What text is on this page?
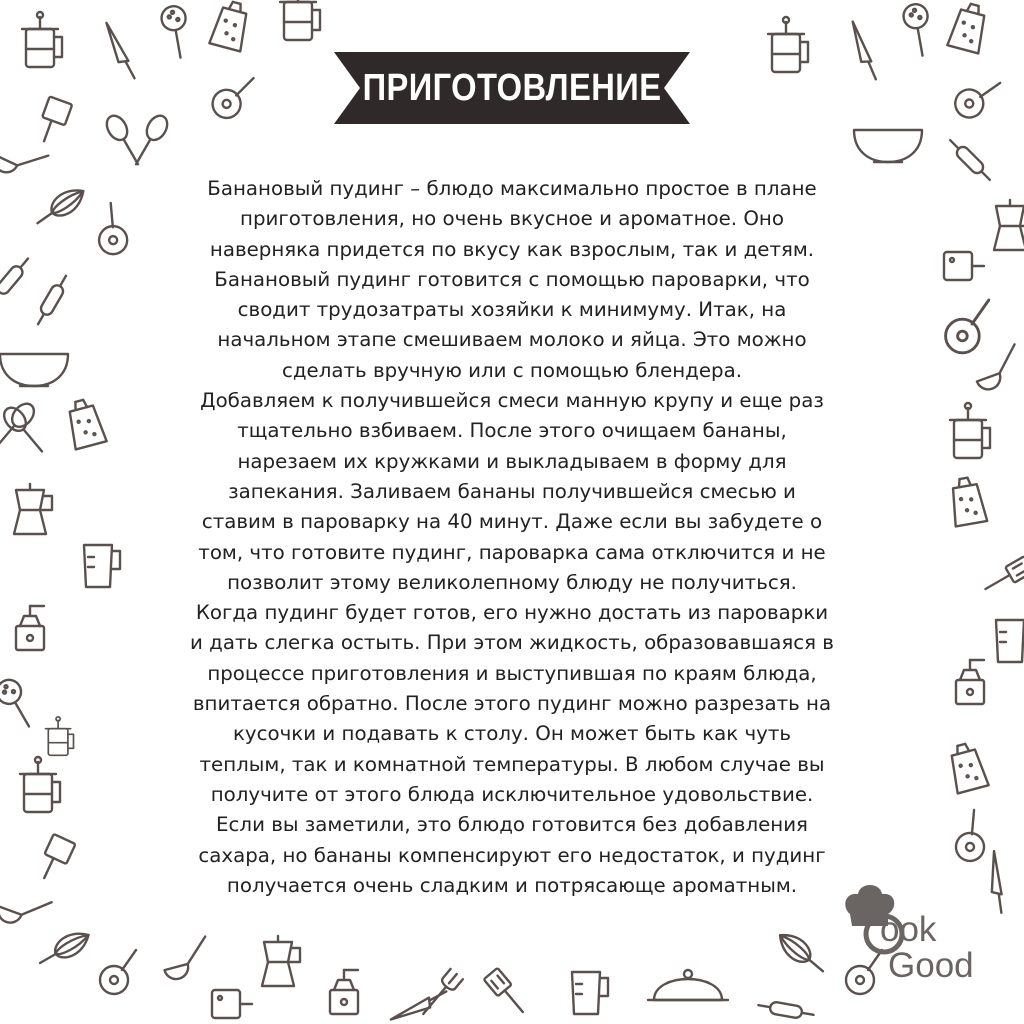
ПРИГОТОВЛЕНИЕ

Банановый пудинг – блюдо максимально простое в плане приготовления, но очень вкусное и ароматное. Оно наверняка придется по вкусу как взрослым, так и детям. Банановый пудинг готовится с помощью пароварки, что сводит трудозатраты хозяйки к минимуму. Итак, на начальном этапе смешиваем молоко и яйца. Это можно сделать вручную или с помощью блендера.

Добавляем к получившейся смеси манную крупу и еще раз тщательно взбиваем. После этого очищаем бананы, нарезаем их кружками и выкладываем в форму для запекания. Заливаем бананы получившейся смесью и ставим в пароварку на 40 минут. Даже если вы забудете о том, что готовите пудинг, пароварка сама отключится и не позволит этому великолепному блюду не получиться.

Когда пудинг будет готов, его нужно достать из пароварки и дать слегка остыть. При этом жидкость, образовавшаяся в процессе приготовления и выступившая по краям блюда, впитается обратно. После этого пудинг можно разрезать на кусочки и подавать к столу. Он может быть как чуть теплым, так и комнатной температуры. В любом случае вы получите от этого блюда исключительное удовольствие. Если вы заметили, это блюдо готовится без добавления сахара, но бананы компенсируют его недостаток, и пудинг получается очень сладким и потрясающе ароматным.

ook
Good
